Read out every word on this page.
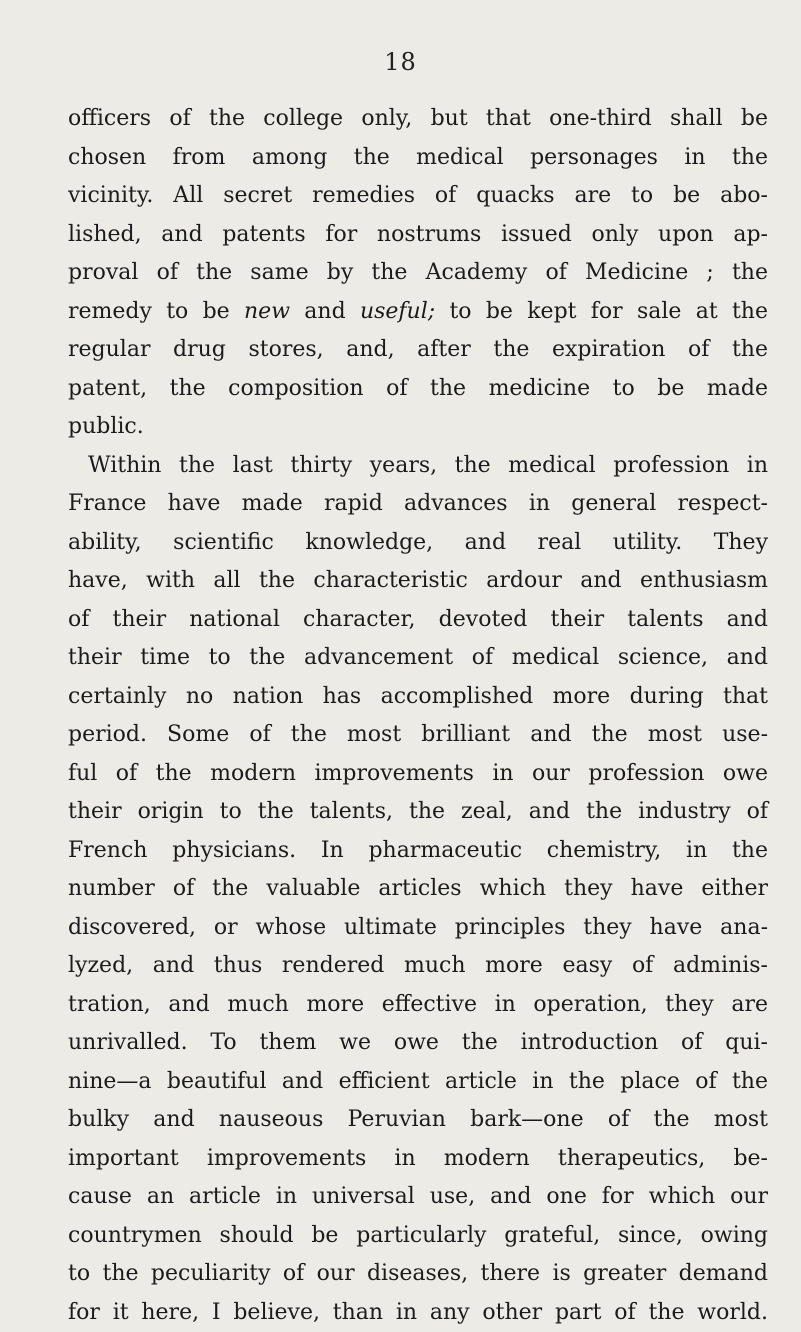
18
officers of the college only, but that one-third shall be
chosen from among the medical personages in the
vicinity. All secret remedies of quacks are to be abo-
lished, and patents for nostrums issued only upon ap-
proval of the same by the Academy of Medicine ; the
remedy to be new and useful; to be kept for sale at the
regular drug stores, and, after the expiration of the
patent, the composition of the medicine to be made
public.
Within the last thirty years, the medical profession in
France have made rapid advances in general respect-
ability, scientific knowledge, and real utility. They
have, with all the characteristic ardour and enthusiasm
of their national character, devoted their talents and
their time to the advancement of medical science, and
certainly no nation has accomplished more during that
period. Some of the most brilliant and the most use-
ful of the modern improvements in our profession owe
their origin to the talents, the zeal, and the industry of
French physicians. In pharmaceutic chemistry, in the
number of the valuable articles which they have either
discovered, or whose ultimate principles they have ana-
lyzed, and thus rendered much more easy of adminis-
tration, and much more effective in operation, they are
unrivalled. To them we owe the introduction of qui-
nine—a beautiful and efficient article in the place of the
bulky and nauseous Peruvian bark—one of the most
important improvements in modern therapeutics, be-
cause an article in universal use, and one for which our
countrymen should be particularly grateful, since, owing
to the peculiarity of our diseases, there is greater demand
for it here, I believe, than in any other part of the world.
